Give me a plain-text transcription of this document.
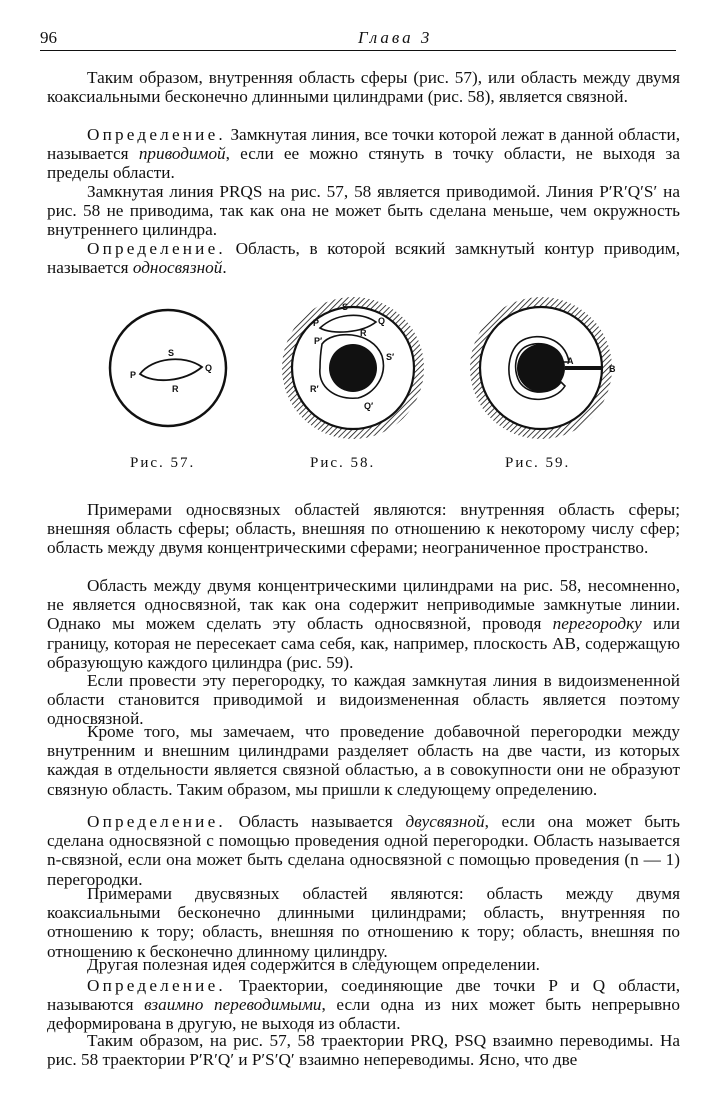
96	Глава 3

Таким образом, внутренняя область сферы (рис. 57), или область между двумя коаксиальными бесконечно длинными цилиндрами (рис. 58), является связной.

Определение. Замкнутая линия, все точки которой лежат в данной области, называется приводимой, если ее можно стянуть в точку области, не выходя за пределы области.

Замкнутая линия PRQS на рис. 57, 58 является приводимой. Линия P′R′Q′S′ на рис. 58 не приводима, так как она не может быть сделана меньше, чем окружность внутреннего цилиндра.

Определение. Область, в которой всякий замкнутый контур приводим, называется односвязной.

S
P
Q
R
S
P	Q
R
P′
S′
R′
Q′
A
B
Рис. 57.	Рис. 58.	Рис. 59.

Примерами односвязных областей являются: внутренняя область сферы; внешняя область сферы; область, внешняя по отношению к некоторому числу сфер; область между двумя концентрическими сферами; неограниченное пространство.

Область между двумя концентрическими цилиндрами на рис. 58, несомненно, не является односвязной, так как она содержит неприводимые замкнутые линии. Однако мы можем сделать эту область односвязной, проводя перегородку или границу, которая не пересекает сама себя, как, например, плоскость AB, содержащую образующую каждого цилиндра (рис. 59).

Если провести эту перегородку, то каждая замкнутая линия в видоизмененной области становится приводимой и видоизмененная область является поэтому односвязной.

Кроме того, мы замечаем, что проведение добавочной перегородки между внутренним и внешним цилиндрами разделяет область на две части, из которых каждая в отдельности является связной областью, а в совокупности они не образуют связную область. Таким образом, мы пришли к следующему определению.

Определение. Область называется двусвязной, если она может быть сделана односвязной с помощью проведения одной перегородки. Область называется n-связной, если она может быть сделана односвязной с помощью проведения (n — 1) перегородки.

Примерами двусвязных областей являются: область между двумя коаксиальными бесконечно длинными цилиндрами; область, внутренняя по отношению к тору; область, внешняя по отношению к тору; область, внешняя по отношению к бесконечно длинному цилиндру.

Другая полезная идея содержится в следующем определении.

Определение. Траектории, соединяющие две точки P и Q области, называются взаимно переводимыми, если одна из них может быть непрерывно деформирована в другую, не выходя из области.

Таким образом, на рис. 57, 58 траектории PRQ, PSQ взаимно переводимы. На рис. 58 траектории P′R′Q′ и P′S′Q′ взаимно непереводимы. Ясно, что две
